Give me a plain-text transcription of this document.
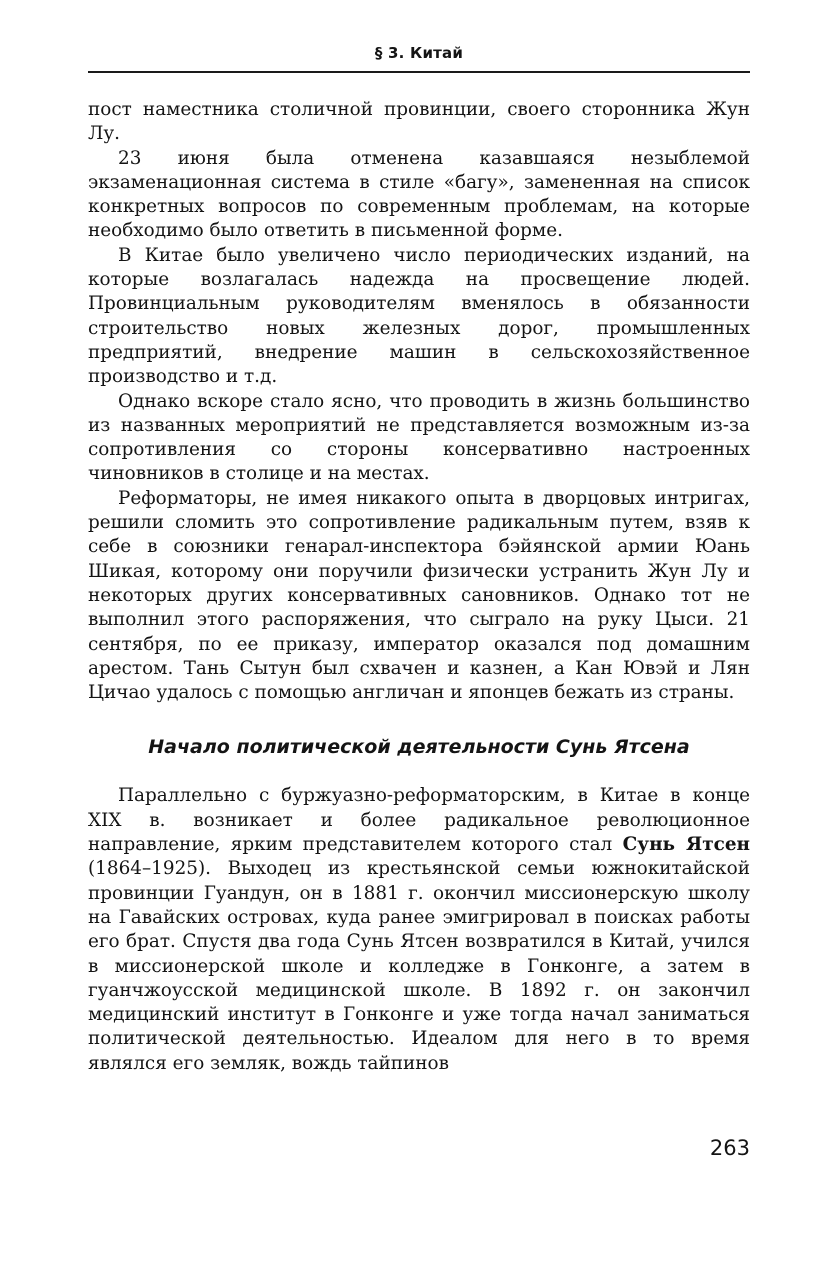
§ 3. Китай

пост наместника столичной провинции, своего сторонника Жун Лу.

23 июня была отменена казавшаяся незыблемой экзаменационная система в стиле «багу», замененная на список конкретных вопросов по современным проблемам, на которые необходимо было ответить в письменной форме.

В Китае было увеличено число периодических изданий, на которые возлагалась надежда на просвещение людей. Провинциальным руководителям вменялось в обязанности строительство новых железных дорог, промышленных предприятий, внедрение машин в сельскохозяйственное производство и т.д.

Однако вскоре стало ясно, что проводить в жизнь большинство из названных мероприятий не представляется возможным из-за сопротивления со стороны консервативно настроенных чиновников в столице и на местах.

Реформаторы, не имея никакого опыта в дворцовых интригах, решили сломить это сопротивление радикальным путем, взяв к себе в союзники генарал-инспектора бэйянской армии Юань Шикая, которому они поручили физически устранить Жун Лу и некоторых других консервативных сановников. Однако тот не выполнил этого распоряжения, что сыграло на руку Цыси. 21 сентября, по ее приказу, император оказался под домашним арестом. Тань Сытун был схвачен и казнен, а Кан Ювэй и Лян Цичао удалось с помощью англичан и японцев бежать из страны.

Начало политической деятельности Сунь Ятсена

Параллельно с буржуазно-реформаторским, в Китае в конце XIX в. возникает и более радикальное революционное направление, ярким представителем которого стал Сунь Ятсен (1864–1925). Выходец из крестьянской семьи южнокитайской провинции Гуандун, он в 1881 г. окончил миссионерскую школу на Гавайских островах, куда ранее эмигрировал в поисках работы его брат. Спустя два года Сунь Ятсен возвратился в Китай, учился в миссионерской школе и колледже в Гонконге, а затем в гуанчжоусской медицинской школе. В 1892 г. он закончил медицинский институт в Гонконге и уже тогда начал заниматься политической деятельностью. Идеалом для него в то время являлся его земляк, вождь тайпинов

263
